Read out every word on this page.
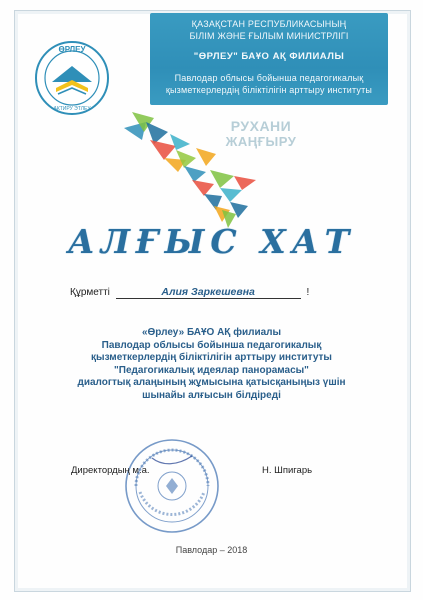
ҚАЗАҚСТАН РЕСПУБЛИКАСЫНЫҢ
БІЛІМ ЖӘНЕ ҒЫЛЫМ МИНИСТРЛІГІ
"ӨРЛЕУ" БАҰО АҚ ФИЛИАЛЫ
Павлодар облысы бойынша педагогикалық
қызметкерлердің біліктілігін арттыру институты
ӨРЛЕУ
АКТИРУ ЭТЛЕУ
РУХАНИ
ЖАҢҒЫРУ
АЛҒЫС ХАТ
Құрметті	Алия Заркешевна	!
«Өрлеу» БАҰО АҚ филиалы
Павлодар облысы бойынша педагогикалық
қызметкерлердің біліктілігін арттыру институты
"Педагогикалық идеялар панорамасы"
диалогтық алаңының жұмысына қатысқаныңыз үшін
шынайы алғысын білдіреді
Директордың м.а.	Н. Шпигарь
Павлодар – 2018
